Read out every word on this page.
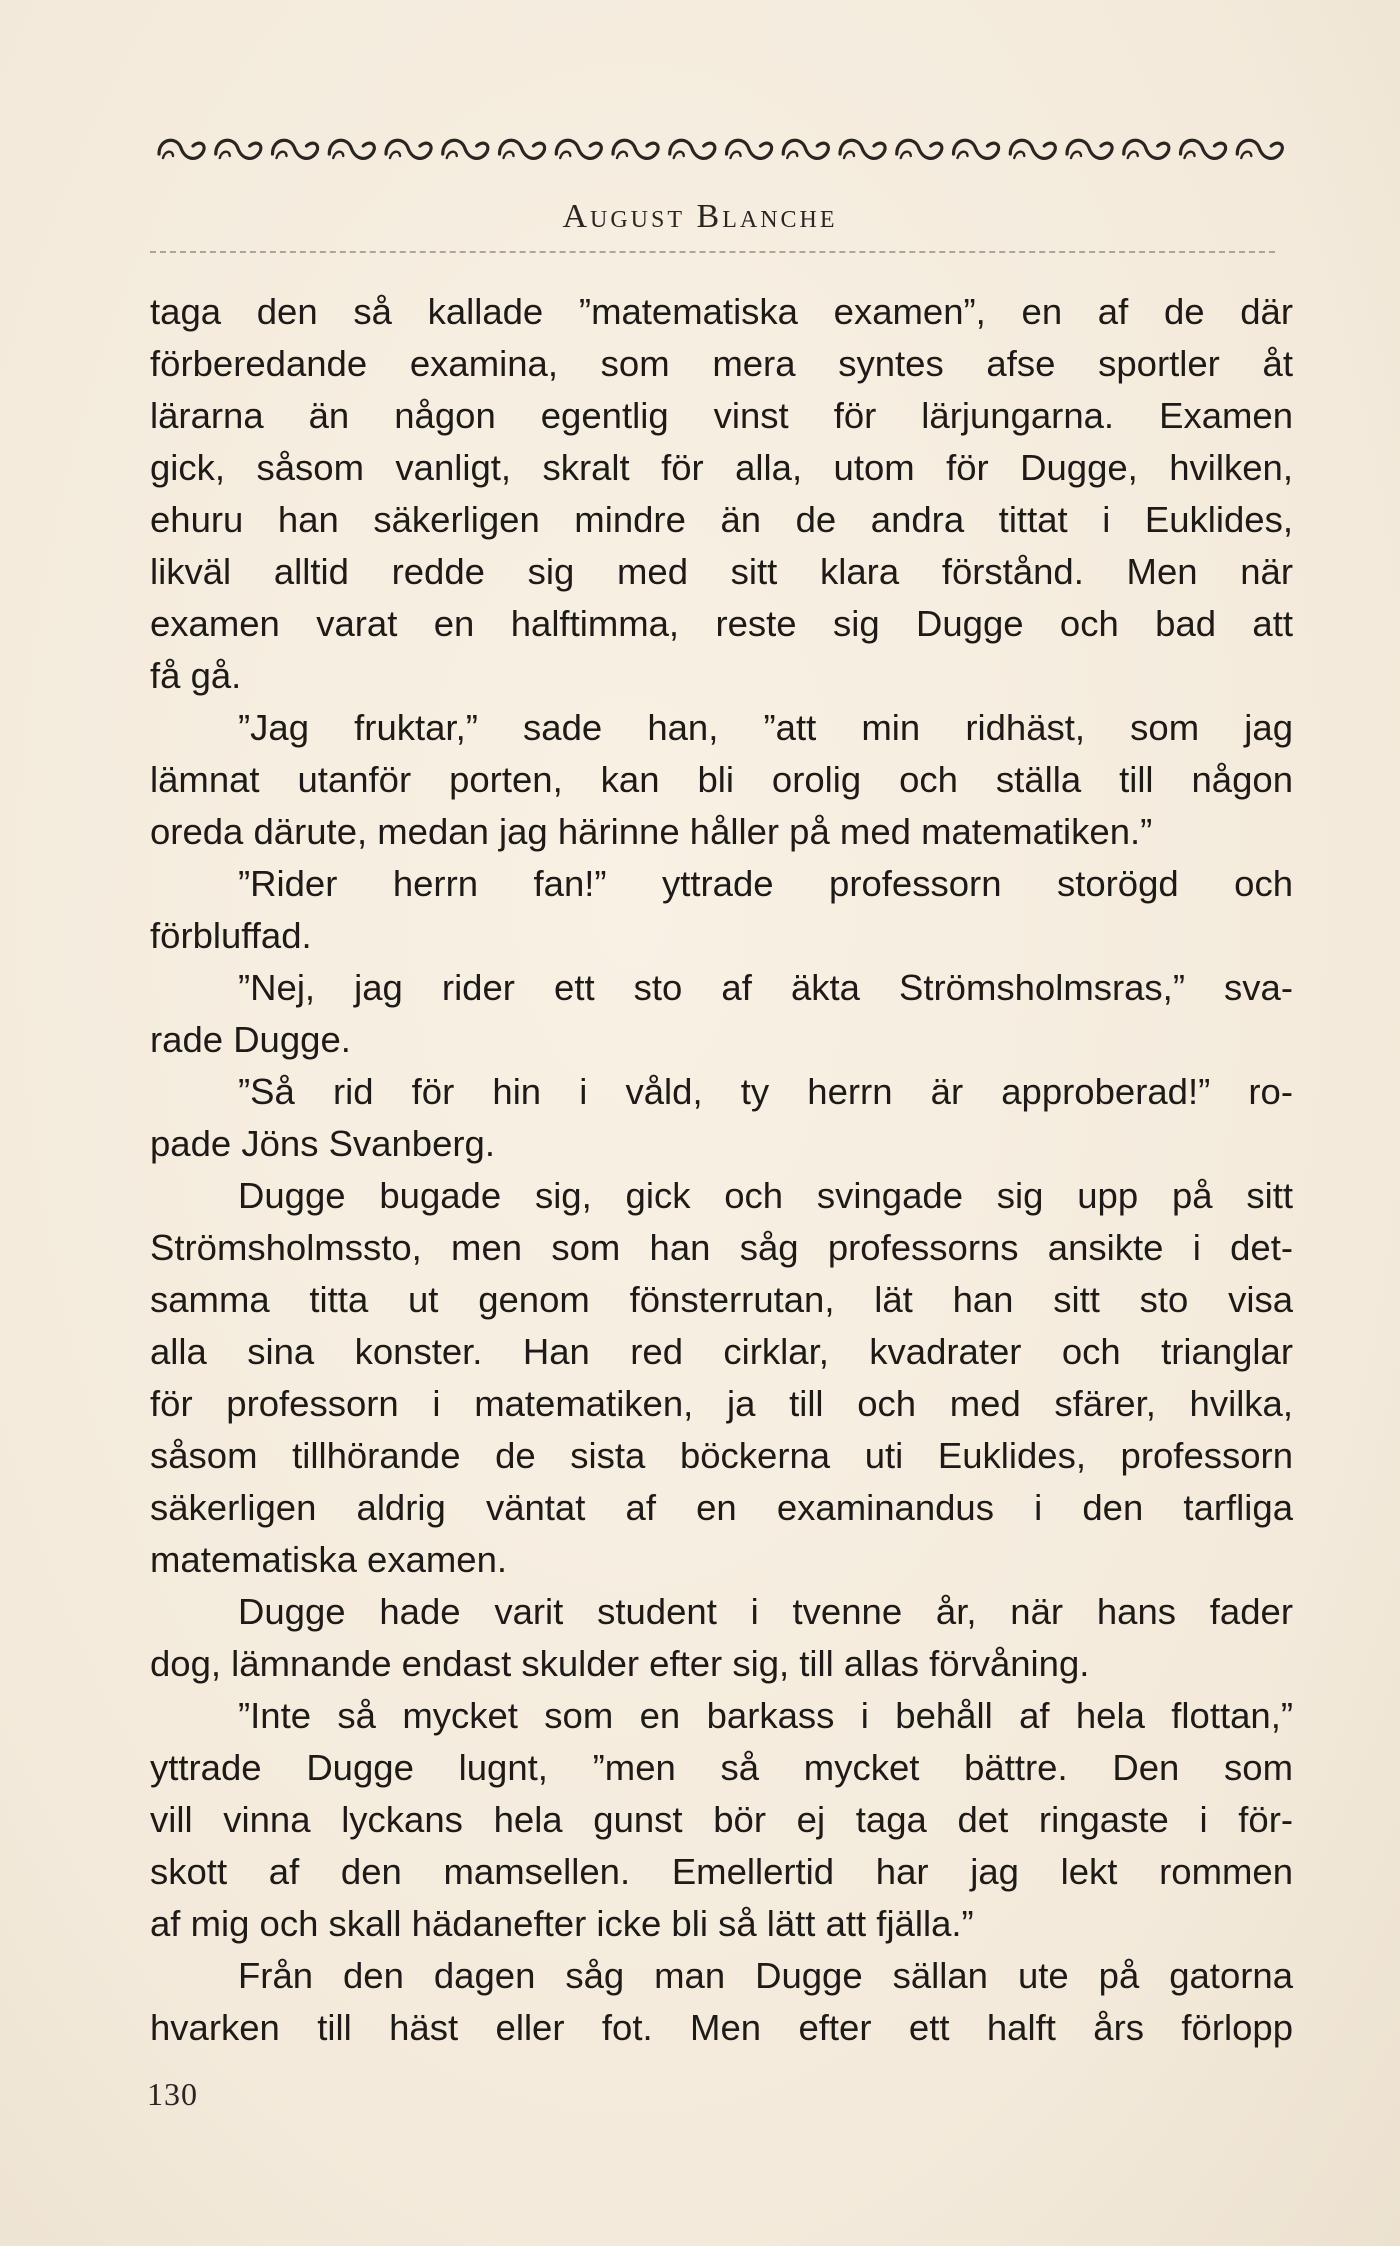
August Blanche
taga den så kallade ”matematiska examen”, en af de där
förberedande examina, som mera syntes afse sportler åt
lärarna än någon egentlig vinst för lärjungarna. Examen
gick, såsom vanligt, skralt för alla, utom för Dugge, hvilken,
ehuru han säkerligen mindre än de andra tittat i Euklides,
likväl alltid redde sig med sitt klara förstånd. Men när
examen varat en halftimma, reste sig Dugge och bad att
få gå.
”Jag fruktar,” sade han, ”att min ridhäst, som jag
lämnat utanför porten, kan bli orolig och ställa till någon
oreda därute, medan jag härinne håller på med matematiken.”
”Rider herrn fan!” yttrade professorn storögd och
förbluffad.
”Nej, jag rider ett sto af äkta Strömsholmsras,” sva-
rade Dugge.
”Så rid för hin i våld, ty herrn är approberad!” ro-
pade Jöns Svanberg.
Dugge bugade sig, gick och svingade sig upp på sitt
Strömsholmssto, men som han såg professorns ansikte i det-
samma titta ut genom fönsterrutan, lät han sitt sto visa
alla sina konster. Han red cirklar, kvadrater och trianglar
för professorn i matematiken, ja till och med sfärer, hvilka,
såsom tillhörande de sista böckerna uti Euklides, professorn
säkerligen aldrig väntat af en examinandus i den tarfliga
matematiska examen.
Dugge hade varit student i tvenne år, när hans fader
dog, lämnande endast skulder efter sig, till allas förvåning.
”Inte så mycket som en barkass i behåll af hela flottan,”
yttrade Dugge lugnt, ”men så mycket bättre. Den som
vill vinna lyckans hela gunst bör ej taga det ringaste i för-
skott af den mamsellen. Emellertid har jag lekt rommen
af mig och skall hädanefter icke bli så lätt att fjälla.”
Från den dagen såg man Dugge sällan ute på gatorna
hvarken till häst eller fot. Men efter ett halft års förlopp
130
